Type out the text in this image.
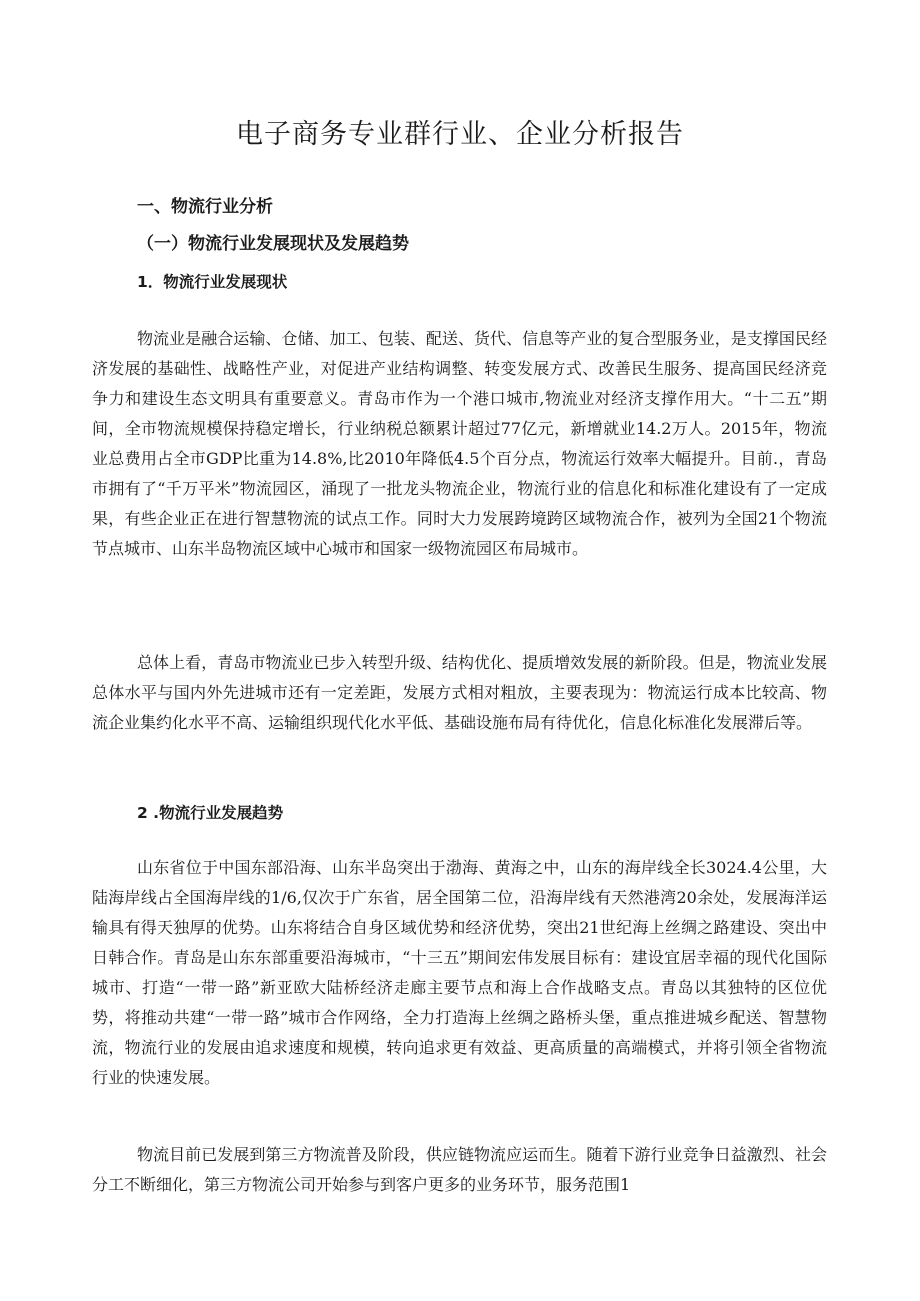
电子商务专业群行业、企业分析报告
一、物流行业分析
（一）物流行业发展现状及发展趋势
1．物流行业发展现状

物流业是融合运输、仓储、加工、包装、配送、货代、信息等产业的复合型服务业，是支撑国民经济发展的基础性、战略性产业，对促进产业结构调整、转变发展方式、改善民生服务、提高国民经济竞争力和建设生态文明具有重要意义。青岛市作为一个港口城市,物流业对经济支撑作用大。“十二五”期间，全市物流规模保持稳定增长，行业纳税总额累计超过77亿元，新增就业14.2万人。2015年，物流业总费用占全市GDP比重为14.8%,比2010年降低4.5个百分点，物流运行效率大幅提升。目前.，青岛市拥有了“千万平米”物流园区，涌现了一批龙头物流企业，物流行业的信息化和标准化建设有了一定成果，有些企业正在进行智慧物流的试点工作。同时大力发展跨境跨区域物流合作，被列为全国21个物流节点城市、山东半岛物流区域中心城市和国家一级物流园区布局城市。

总体上看，青岛市物流业已步入转型升级、结构优化、提质增效发展的新阶段。但是，物流业发展总体水平与国内外先进城市还有一定差距，发展方式相对粗放，主要表现为：物流运行成本比较高、物流企业集约化水平不高、运输组织现代化水平低、基础设施布局有待优化，信息化标准化发展滞后等。

2 .物流行业发展趋势

山东省位于中国东部沿海、山东半岛突出于渤海、黄海之中，山东的海岸线全长3024.4公里，大陆海岸线占全国海岸线的1/6,仅次于广东省，居全国第二位，沿海岸线有天然港湾20余处，发展海洋运输具有得天独厚的优势。山东将结合自身区域优势和经济优势，突出21世纪海上丝绸之路建设、突出中日韩合作。青岛是山东东部重要沿海城市，“十三五”期间宏伟发展目标有：建设宜居幸福的现代化国际城市、打造“一带一路”新亚欧大陆桥经济走廊主要节点和海上合作战略支点。青岛以其独特的区位优势，将推动共建“一带一路”城市合作网络，全力打造海上丝绸之路桥头堡，重点推进城乡配送、智慧物流，物流行业的发展由追求速度和规模，转向追求更有效益、更高质量的高端模式，并将引领全省物流行业的快速发展。

物流目前已发展到第三方物流普及阶段，供应链物流应运而生。随着下游行业竞争日益激烈、社会分工不断细化，第三方物流公司开始参与到客户更多的业务环节，服务范围1
